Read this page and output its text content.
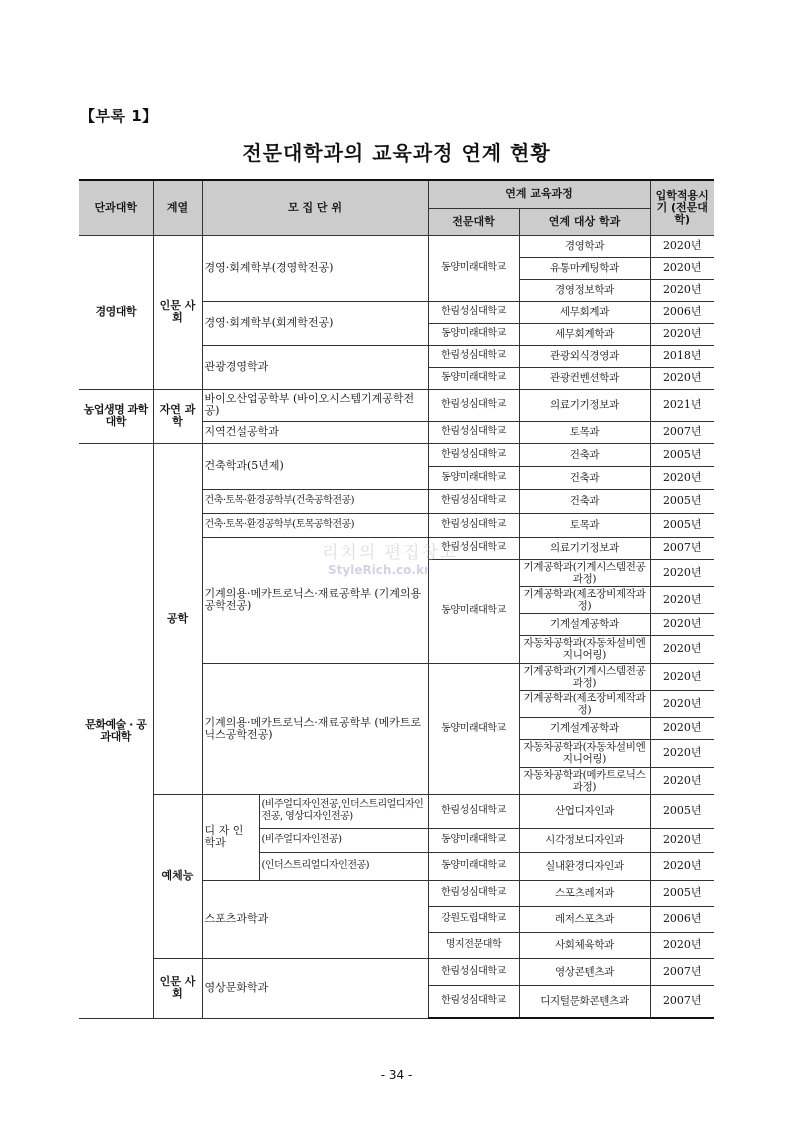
【부록 1】
전문대학과의 교육과정 연계 현황
단과대학	계열	모 집 단 위		연계 교육과정		입학적용시기 (전문대학)
				전문대학	연계 대상 학과	
경영대학	인문 사회	경영·회계학부(경영학전공)		동양미래대학교	경영학과	2020년
					유통마케팅학과	2020년
					경영정보학과	2020년
		경영·회계학부(회계학전공)		한림성심대학교	세무회계과	2006년
				동양미래대학교	세무회계학과	2020년
		관광경영학과		한림성심대학교	관광외식경영과	2018년
				동양미래대학교	관광컨벤션학과	2020년
농업생명 과학대학	자연 과학	바이오산업공학부 (바이오시스템기계공학전공)		한림성심대학교	의료기기정보과	2021년
		지역건설공학과		한림성심대학교	토목과	2007년
문화예술 · 공과대학	공학	건축학과(5년제)		한림성심대학교	건축과	2005년
				동양미래대학교	건축과	2020년
		건축·토목·환경공학부(건축공학전공)		한림성심대학교	건축과	2005년
		건축·토목·환경공학부(토목공학전공)		한림성심대학교	토목과	2005년
		기계의용·메카트로닉스·재료공학부 (기계의용공학전공)		한림성심대학교	의료기기정보과	2007년
				동양미래대학교	기계공학과(기계시스템전공과정)	2020년
					기계공학과(제조장비제작과정)	2020년
					기계설계공학과	2020년
					자동차공학과(자동차설비엔지니어링)	2020년
		기계의용·메카트로닉스·재료공학부 (메카트로닉스공학전공)		동양미래대학교	기계공학과(기계시스템전공과정)	2020년
					기계공학과(제조장비제작과정)	2020년
					기계설계공학과	2020년
					자동차공학과(자동차설비엔지니어링)	2020년
					자동차공학과(메카트로닉스과정)	2020년
	예체능	디 자 인 학과	(비주얼디자인전공,인더스트리얼디자인전공, 영상디자인전공)	한림성심대학교	산업디자인과	2005년
			(비주얼디자인전공)	동양미래대학교	시각정보디자인과	2020년
			(인더스트리얼디자인전공)	동양미래대학교	실내환경디자인과	2020년
		스포츠과학과		한림성심대학교	스포츠레저과	2005년
				강원도립대학교	레저스포츠과	2006년
				명지전문대학	사회체육학과	2020년
	인문 사회	영상문화학과		한림성심대학교	영상콘텐츠과	2007년
				한림성심대학교	디지털문화콘텐츠과	2007년
리치의 편집창고
StyleRich.co.kr
- 34 -
